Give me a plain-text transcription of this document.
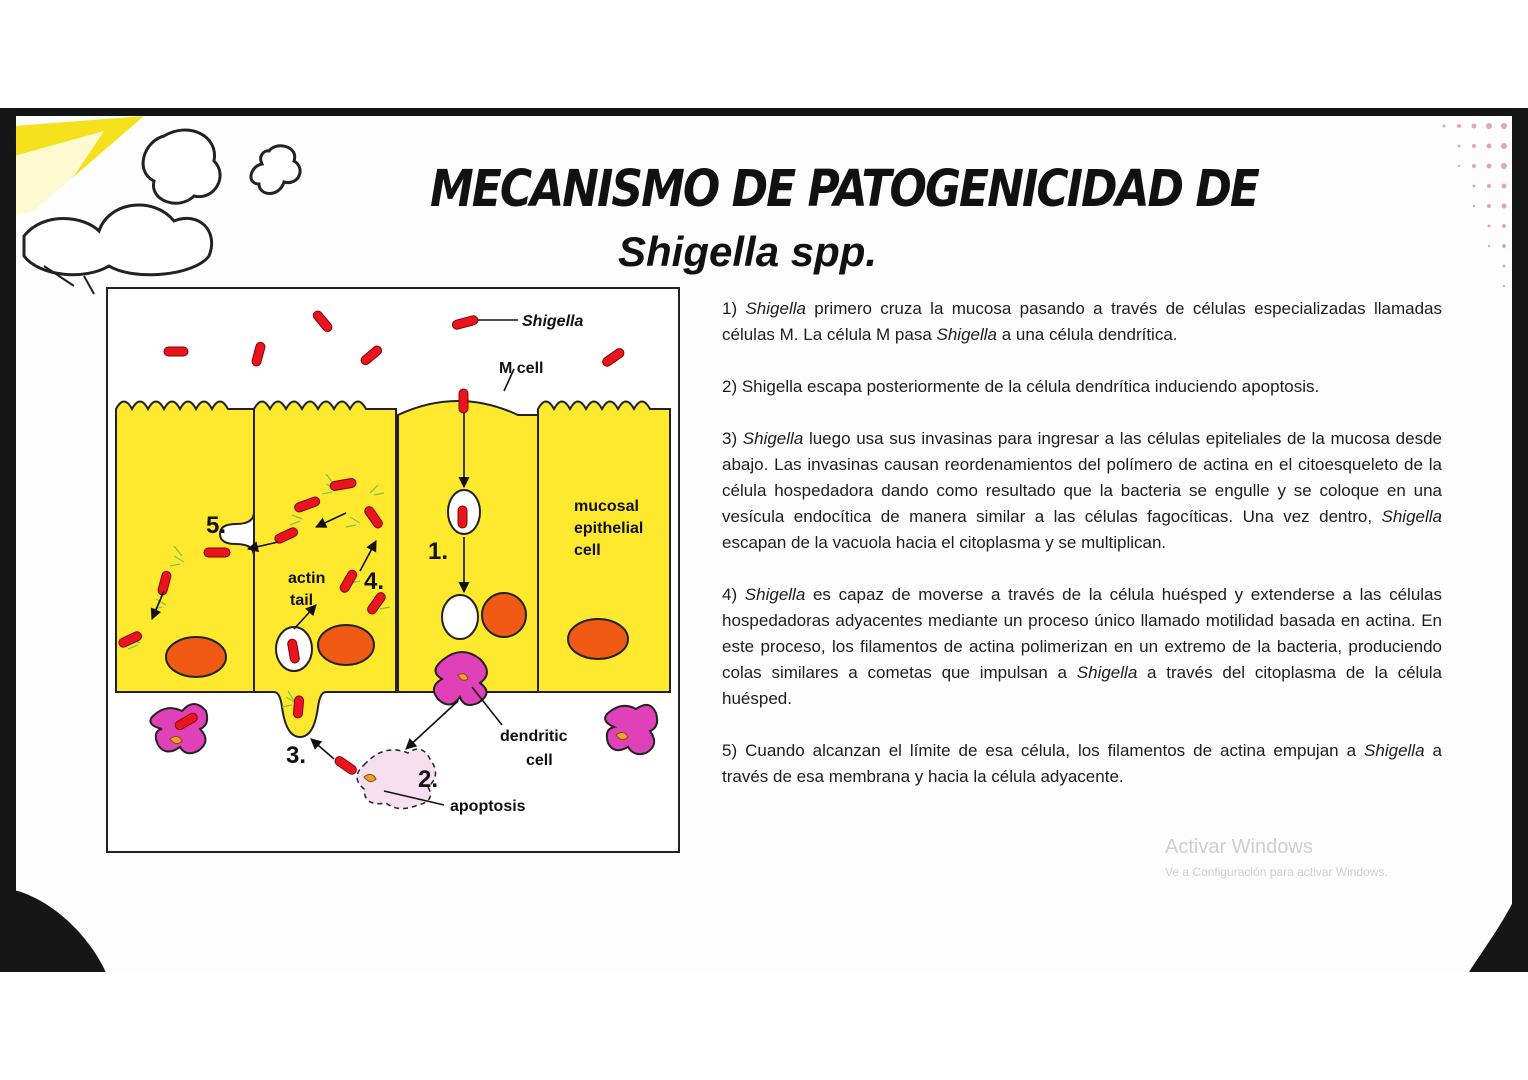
MECANISMO DE PATOGENICIDAD DE
Shigella spp.
Shigella
M cell
mucosal
epithelial
cell
actin
tail
dendritic
cell
apoptosis
1.
2.
3.
4.
5.

1) Shigella primero cruza la mucosa pasando a través de células especializadas llamadas células M. La célula M pasa Shigella a una célula dendrítica.

2) Shigella escapa posteriormente de la célula dendrítica induciendo apoptosis.

3) Shigella luego usa sus invasinas para ingresar a las células epiteliales de la mucosa desde abajo. Las invasinas causan reordenamientos del polímero de actina en el citoesqueleto de la célula hospedadora dando como resultado que la bacteria se engulle y se coloque en una vesícula endocítica de manera similar a las células fagocíticas. Una vez dentro, Shigella escapan de la vacuola hacia el citoplasma y se multiplican.

4) Shigella es capaz de moverse a través de la célula huésped y extenderse a las células hospedadoras adyacentes mediante un proceso único llamado motilidad basada en actina. En este proceso, los filamentos de actina polimerizan en un extremo de la bacteria, produciendo colas similares a cometas que impulsan a Shigella a través del citoplasma de la célula huésped.

5) Cuando alcanzan el límite de esa célula, los filamentos de actina empujan a Shigella a través de esa membrana y hacia la célula adyacente.

Activar Windows
Ve a Configuración para activar Windows.
